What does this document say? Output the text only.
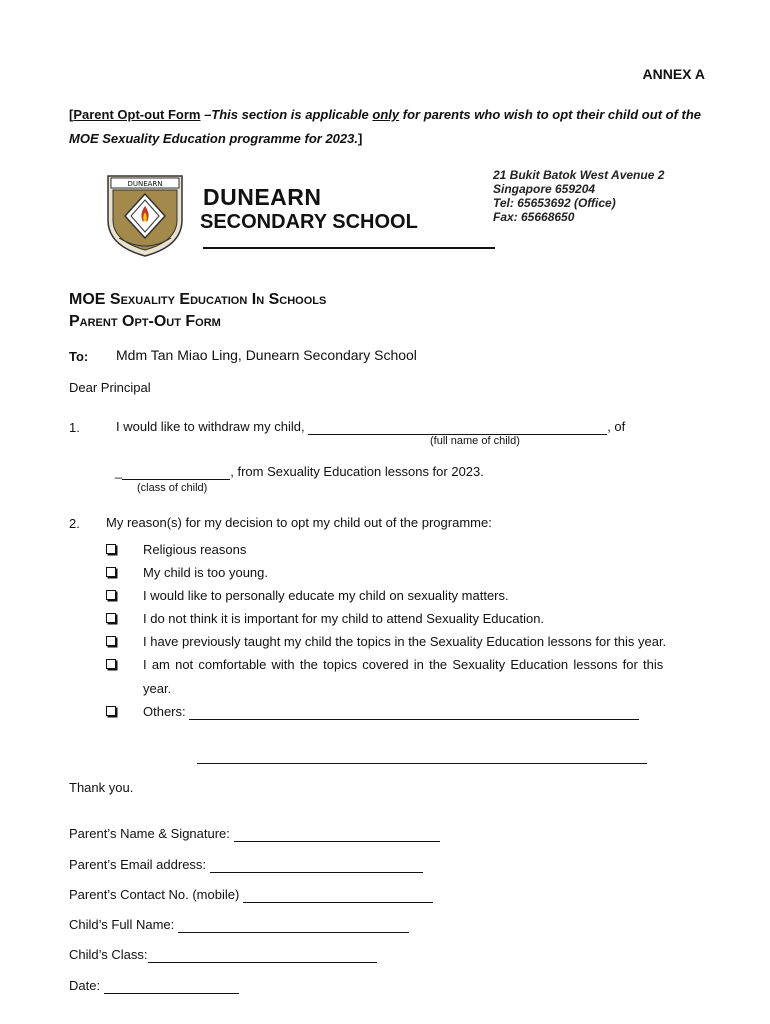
ANNEX A
[Parent Opt-out Form –This section is applicable only for parents who wish to opt their child out of the MOE Sexuality Education programme for 2023.]
DUNEARN DUNEARN
SECONDARY SCHOOL
21 Bukit Batok West Avenue 2
Singapore 659204
Tel: 65653692 (Office)
Fax: 65668650
MOE Sexuality Education In Schools
Parent Opt-Out Form
To: Mdm Tan Miao Ling, Dunearn Secondary School
Dear Principal
1.	I would like to withdraw my child,	, of
(full name of child)
_	, from Sexuality Education lessons for 2023.
(class of child)
2. My reason(s) for my decision to opt my child out of the programme:
Religious reasons
My child is too young.
I would like to personally educate my child on sexuality matters.
I do not think it is important for my child to attend Sexuality Education.
I have previously taught my child the topics in the Sexuality Education lessons for this year.
I am not comfortable with the topics covered in the Sexuality Education lessons for this
year.
Others:
Thank you.
Parent’s Name & Signature:
Parent’s Email address:
Parent’s Contact No. (mobile)
Child’s Full Name:
Child’s Class:
Date:
